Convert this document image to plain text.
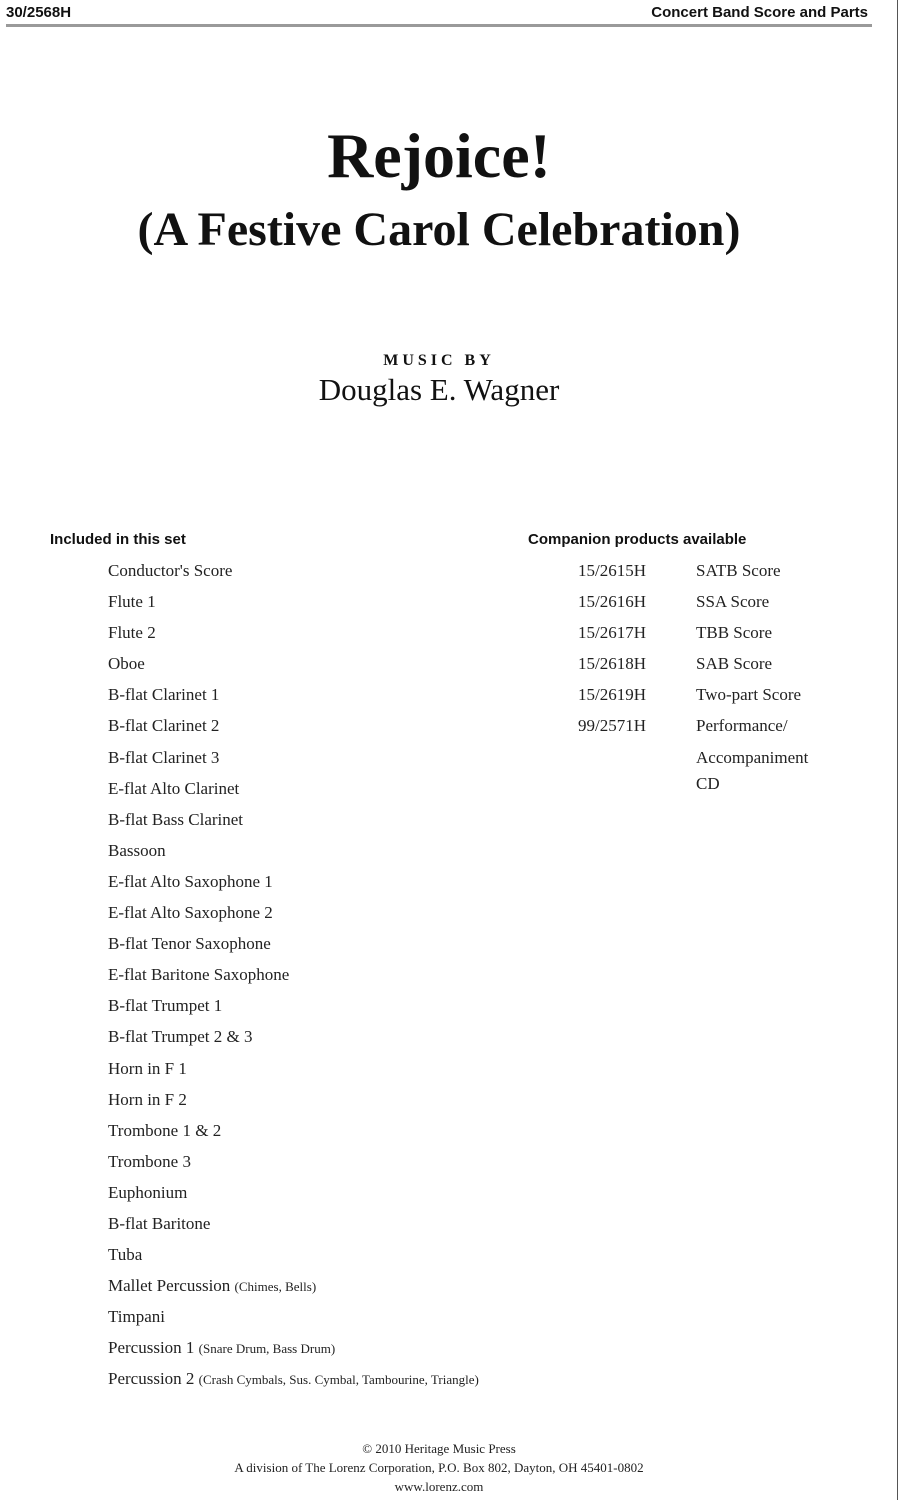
30/2568H	Concert Band Score and Parts
Rejoice!
(A Festive Carol Celebration)
MUSIC BY
Douglas E. Wagner
Included in this set	Companion products available
Conductor's Score
Flute 1
Flute 2
Oboe
B-flat Clarinet 1
B-flat Clarinet 2
B-flat Clarinet 3
E-flat Alto Clarinet
B-flat Bass Clarinet
Bassoon
E-flat Alto Saxophone 1
E-flat Alto Saxophone 2
B-flat Tenor Saxophone
E-flat Baritone Saxophone
B-flat Trumpet 1
B-flat Trumpet 2 & 3
Horn in F 1
Horn in F 2
Trombone 1 & 2
Trombone 3
Euphonium
B-flat Baritone
Tuba
Mallet Percussion (Chimes, Bells)
Timpani
Percussion 1 (Snare Drum, Bass Drum)
Percussion 2 (Crash Cymbals, Sus. Cymbal, Tambourine, Triangle)
15/2615H	SATB Score
15/2616H	SSA Score
15/2617H	TBB Score
15/2618H	SAB Score
15/2619H	Two-part Score
99/2571H	Performance/
Accompaniment CD
© 2010 Heritage Music Press
A division of The Lorenz Corporation, P.O. Box 802, Dayton, OH 45401-0802
www.lorenz.com
